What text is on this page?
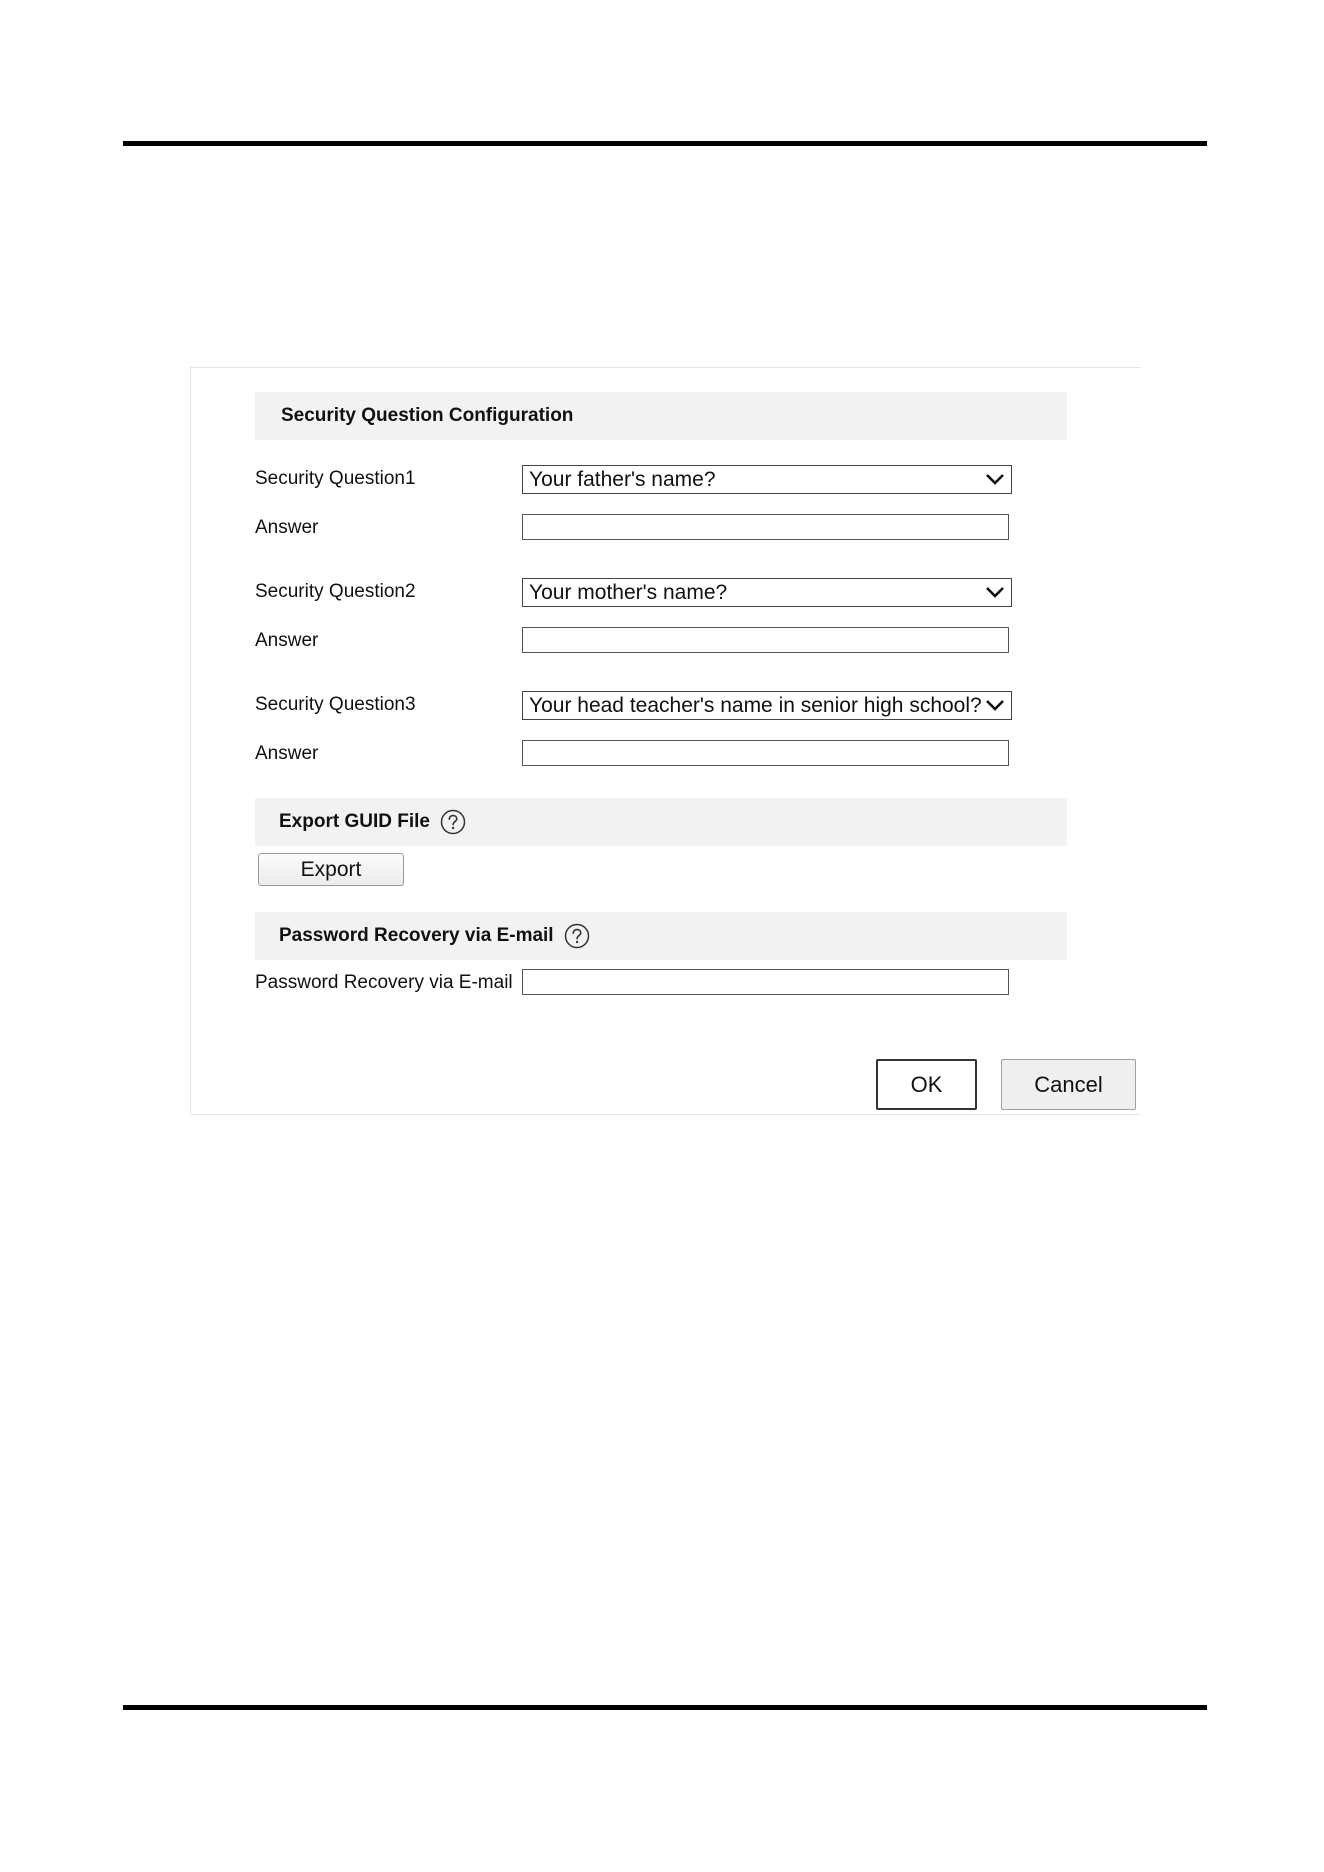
Security Question Configuration
Security Question1	Your father's name?
Answer
Security Question2	Your mother's name?
Answer
Security Question3	Your head teacher's name in senior high school?
Answer
Export GUID File
Export
Password Recovery via E-mail
Password Recovery via E-mail
OK	Cancel
